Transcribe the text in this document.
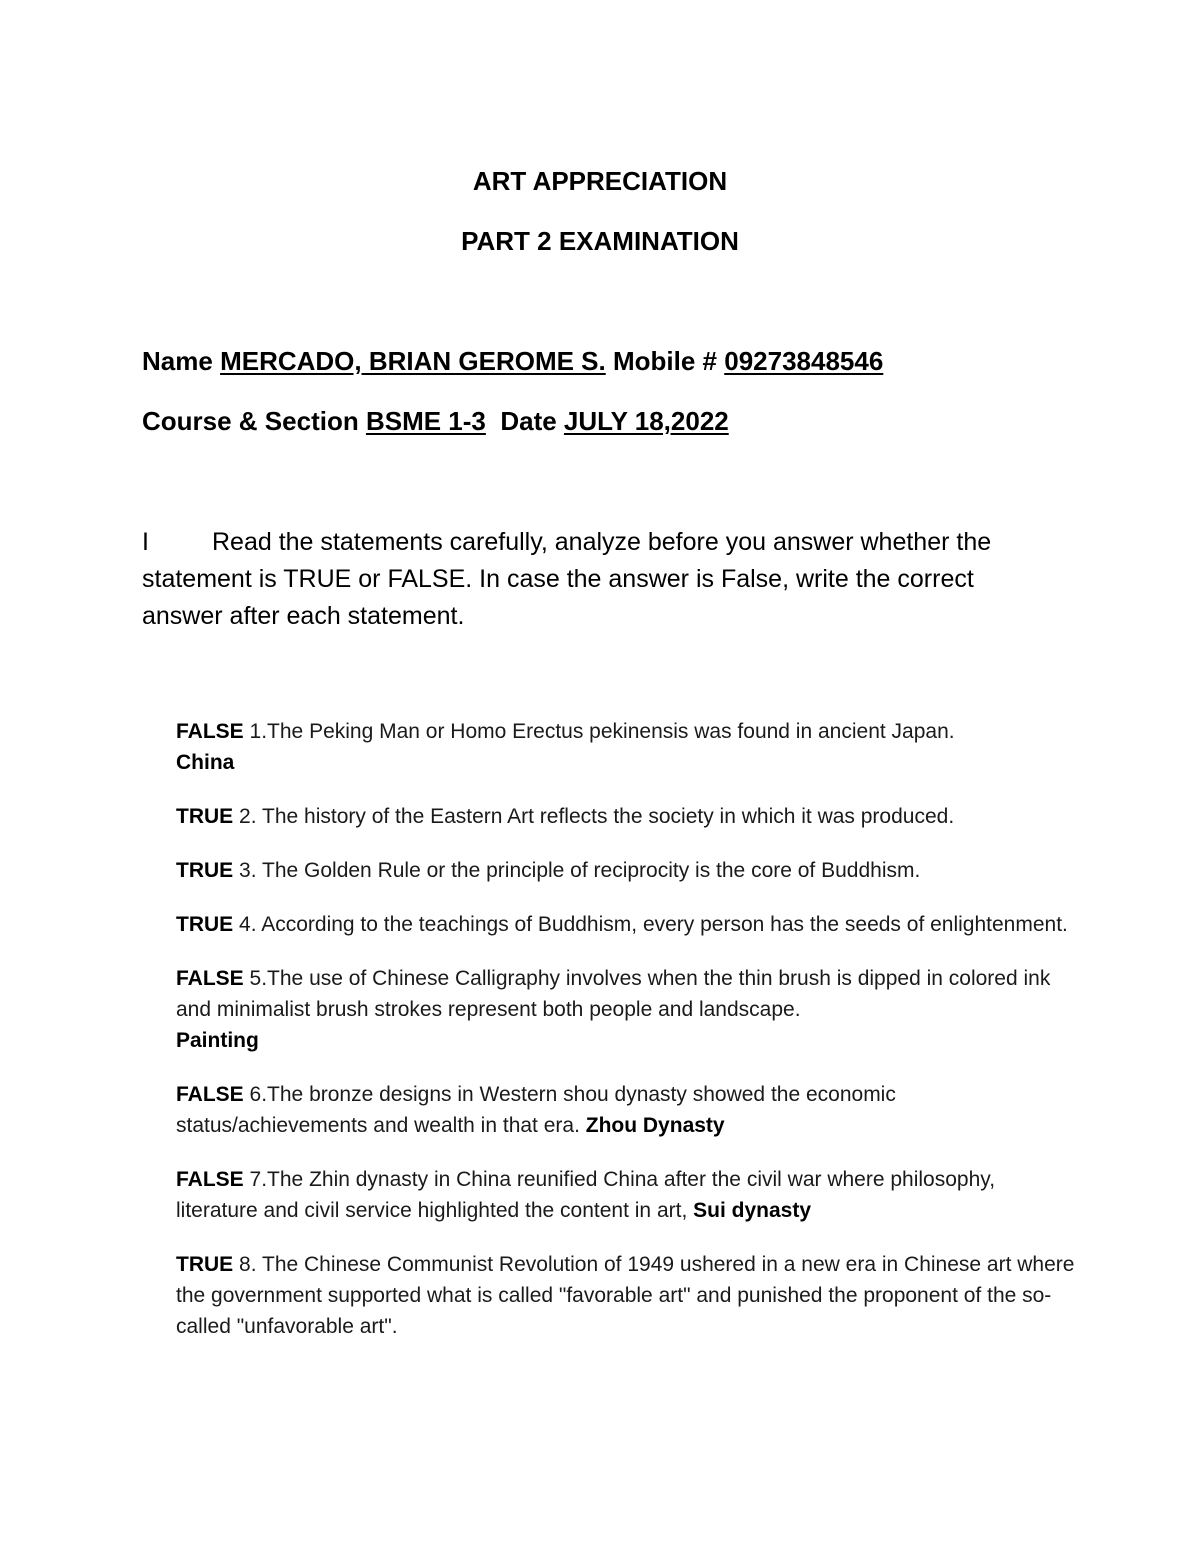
ART APPRECIATION
PART 2 EXAMINATION
Name MERCADO, BRIAN GEROME S. Mobile # 09273848546
Course & Section BSME 1-3 Date JULY 18,2022
I	Read the statements carefully, analyze before you answer whether the statement is TRUE or FALSE. In case the answer is False, write the correct answer after each statement.
FALSE 1.The Peking Man or Homo Erectus pekinensis was found in ancient Japan.
China
TRUE 2. The history of the Eastern Art reflects the society in which it was produced.
TRUE 3. The Golden Rule or the principle of reciprocity is the core of Buddhism.
TRUE 4. According to the teachings of Buddhism, every person has the seeds of enlightenment.
FALSE 5.The use of Chinese Calligraphy involves when the thin brush is dipped in colored ink and minimalist brush strokes represent both people and landscape.
Painting
FALSE 6.The bronze designs in Western shou dynasty showed the economic status/achievements and wealth in that era. Zhou Dynasty
FALSE 7.The Zhin dynasty in China reunified China after the civil war where philosophy, literature and civil service highlighted the content in art, Sui dynasty
TRUE 8. The Chinese Communist Revolution of 1949 ushered in a new era in Chinese art where the government supported what is called "favorable art" and punished the proponent of the so-called "unfavorable art".
